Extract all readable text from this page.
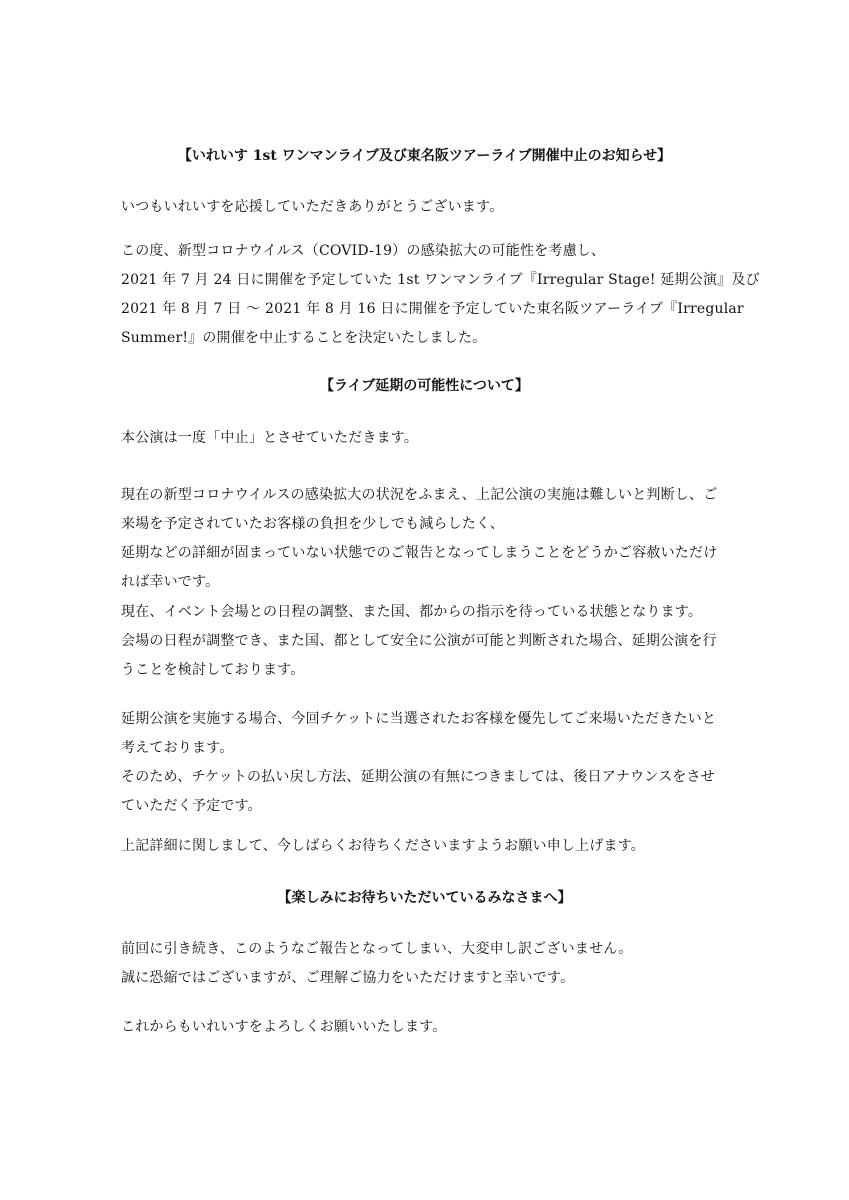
【いれいす 1st ワンマンライブ及び東名阪ツアーライブ開催中止のお知らせ】
いつもいれいすを応援していただきありがとうございます。
この度、新型コロナウイルス（COVID-19）の感染拡大の可能性を考慮し、
2021 年 7 月 24 日に開催を予定していた 1st ワンマンライブ『Irregular Stage! 延期公演』及び
2021 年 8 月 7 日 ～ 2021 年 8 月 16 日に開催を予定していた東名阪ツアーライブ『Irregular
Summer!』の開催を中止することを決定いたしました。
【ライブ延期の可能性について】
本公演は一度「中止」とさせていただきます。
現在の新型コロナウイルスの感染拡大の状況をふまえ、上記公演の実施は難しいと判断し、ご
来場を予定されていたお客様の負担を少しでも減らしたく、
延期などの詳細が固まっていない状態でのご報告となってしまうことをどうかご容赦いただけ
れば幸いです。
現在、イベント会場との日程の調整、また国、都からの指示を待っている状態となります。
会場の日程が調整でき、また国、都として安全に公演が可能と判断された場合、延期公演を行
うことを検討しております。
延期公演を実施する場合、今回チケットに当選されたお客様を優先してご来場いただきたいと
考えております。
そのため、チケットの払い戻し方法、延期公演の有無につきましては、後日アナウンスをさせ
ていただく予定です。
上記詳細に関しまして、今しばらくお待ちくださいますようお願い申し上げます。
【楽しみにお待ちいただいているみなさまへ】
前回に引き続き、このようなご報告となってしまい、大変申し訳ございません。
誠に恐縮ではございますが、ご理解ご協力をいただけますと幸いです。
これからもいれいすをよろしくお願いいたします。
